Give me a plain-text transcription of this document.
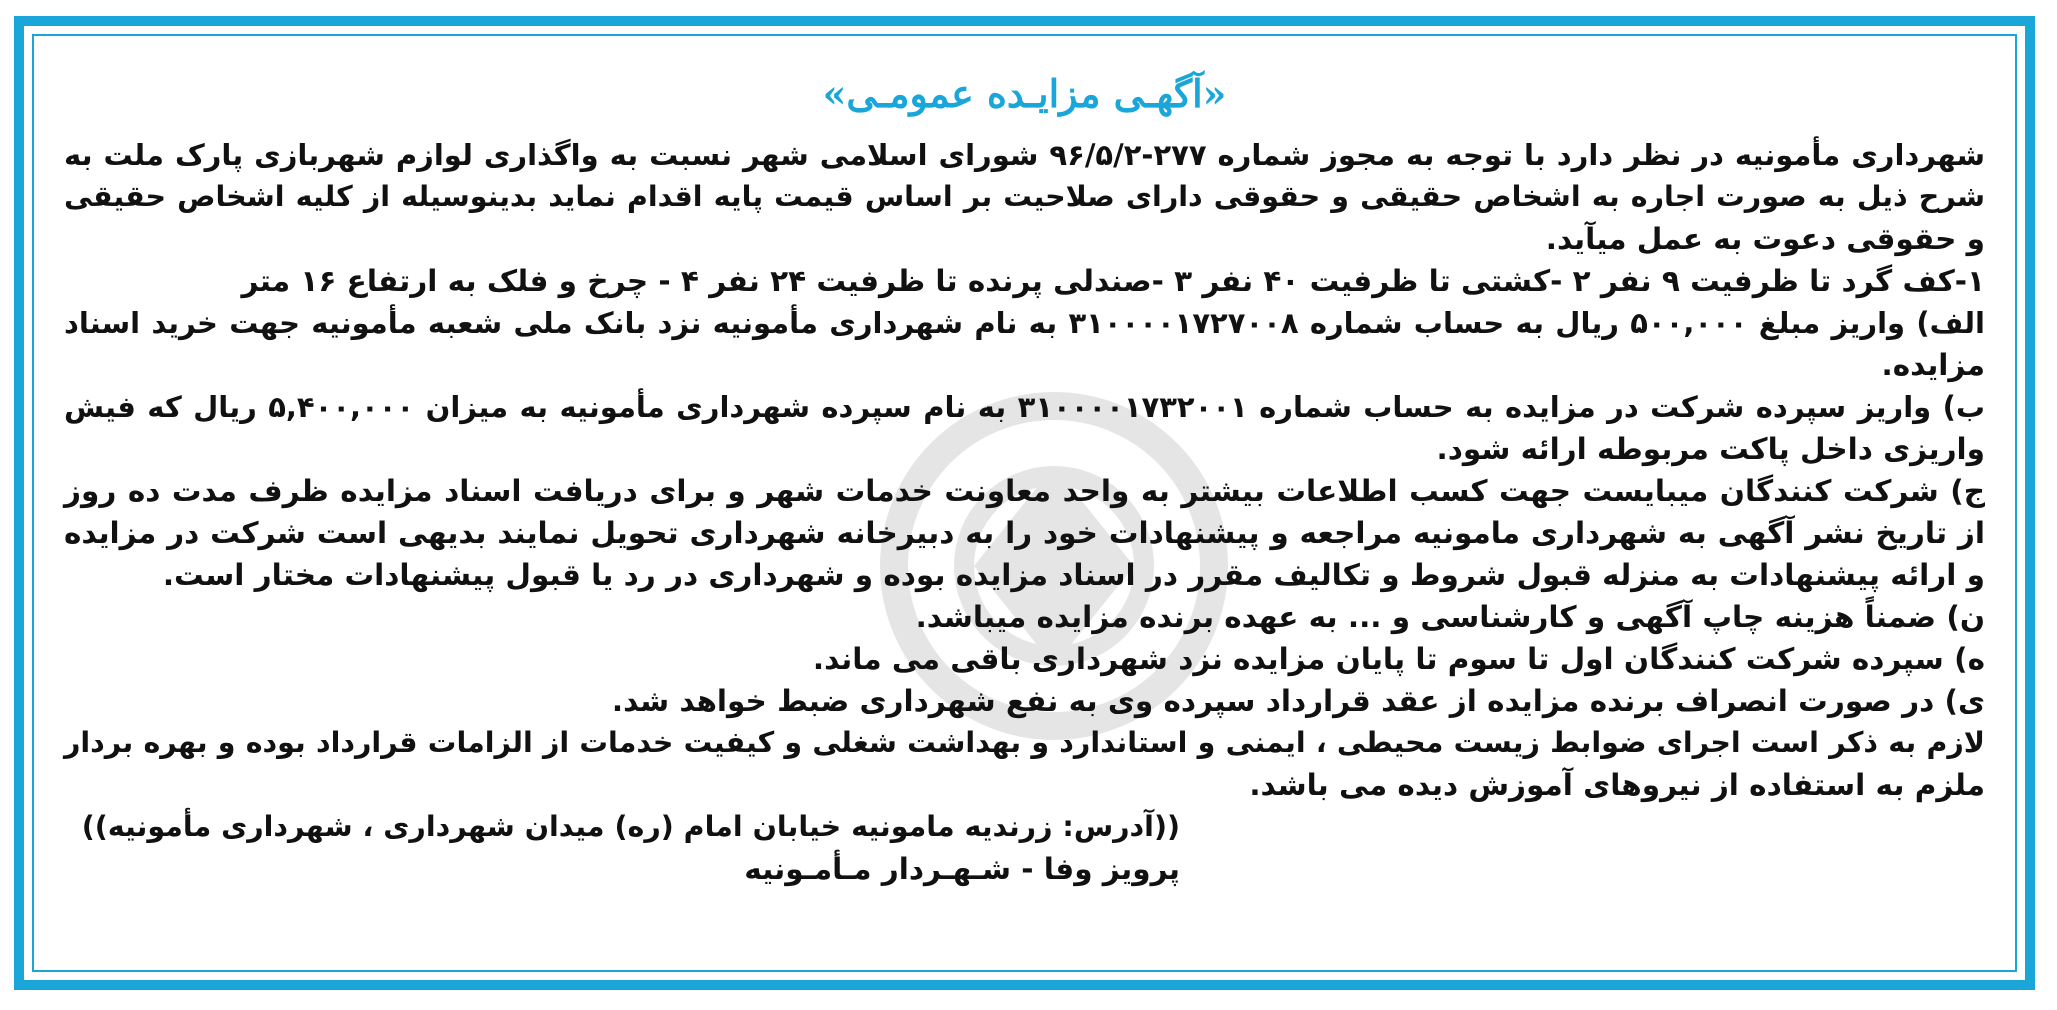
«آگهـی مزایـده عمومـی»

شهرداری مأمونیه در نظر دارد با توجه به مجوز شماره ۲۷۷-۹۶/۵/۲ شورای اسلامی شهر نسبت به واگذاری لوازم شهربازی پارک ملت به

شرح ذیل به صورت اجاره به اشخاص حقیقی و حقوقی دارای صلاحیت بر اساس قیمت پایه اقدام نماید بدینوسیله از کلیه اشخاص حقیقی

و حقوقی دعوت به عمل میآید.

۱-کف گرد تا ظرفیت ۹ نفر ۲ -کشتی تا ظرفیت ۴۰ نفر ۳ -صندلی پرنده تا ظرفیت ۲۴ نفر ۴ - چرخ و فلک به ارتفاع ۱۶ متر

الف) واریز مبلغ ۵۰۰,۰۰۰ ریال به حساب شماره ۳۱۰۰۰۰۱۷۲۷۰۰۸ به نام شهرداری مأمونیه نزد بانک ملی شعبه مأمونیه جهت خرید اسناد

مزایده.

ب) واریز سپرده شرکت در مزایده به حساب شماره ۳۱۰۰۰۰۱۷۳۲۰۰۱ به نام سپرده شهرداری مأمونیه به میزان ۵,۴۰۰,۰۰۰ ریال که فیش

واریزی داخل پاکت مربوطه ارائه شود.

ج) شرکت کنندگان میبایست جهت کسب اطلاعات بیشتر به واحد معاونت خدمات شهر و برای دریافت اسناد مزایده ظرف مدت ده روز

از تاریخ نشر آگهی به شهرداری مامونیه مراجعه و پیشنهادات خود را به دبیرخانه شهرداری تحویل نمایند بدیهی است شرکت در مزایده

و ارائه پیشنهادات به منزله قبول شروط و تکالیف مقرر در اسناد مزایده بوده و شهرداری در رد یا قبول پیشنهادات مختار است.

ن) ضمناً هزینه چاپ آگهی و کارشناسی و ... به عهده برنده مزایده میباشد.

ه) سپرده شرکت کنندگان اول تا سوم تا پایان مزایده نزد شهرداری باقی می ماند.

ی) در صورت انصراف برنده مزایده از عقد قرارداد سپرده وی به نفع شهرداری ضبط خواهد شد.

لازم به ذکر است اجرای ضوابط زیست محیطی ، ایمنی و استاندارد و بهداشت شغلی و کیفیت خدمات از الزامات قرارداد بوده و بهره بردار

ملزم به استفاده از نیروهای آموزش دیده می باشد.

((آدرس: زرندیه مامونیه خیابان امام (ره) میدان شهرداری ، شهرداری مأمونیه))

پرویز وفا - شـهـردار مـأمـونیه
